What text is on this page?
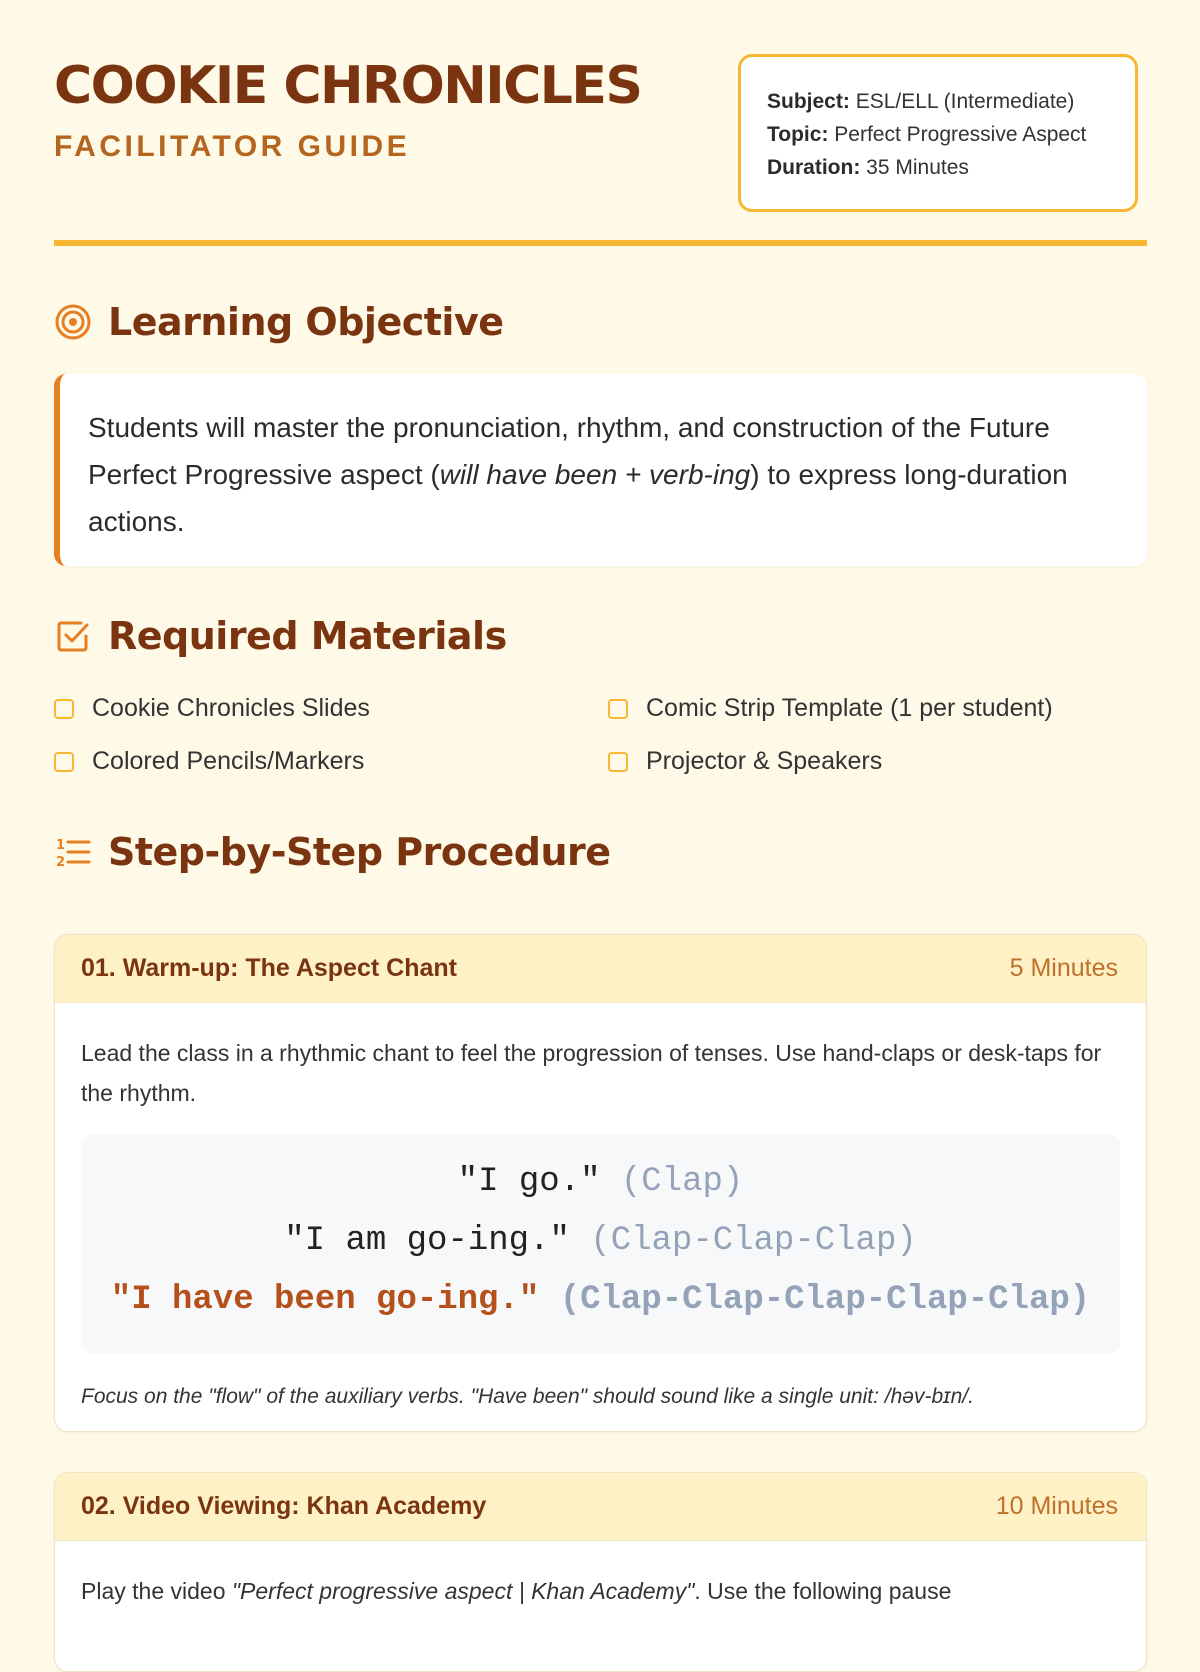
COOKIE CHRONICLES
FACILITATOR GUIDE
Subject: ESL/ELL (Intermediate)
Topic: Perfect Progressive Aspect
Duration: 35 Minutes
Learning Objective
Students will master the pronunciation, rhythm, and construction of the Future Perfect Progressive aspect (will have been + verb-ing) to express long-duration actions.
Required Materials
Cookie Chronicles Slides	Comic Strip Template (1 per student)
Colored Pencils/Markers	Projector & Speakers
1
2 Step-by-Step Procedure
01. Warm-up: The Aspect Chant	5 Minutes

Lead the class in a rhythmic chant to feel the progression of tenses. Use hand-claps or desk-taps for the rhythm.

"I go." (Clap)
"I am go-ing." (Clap-Clap-Clap)
"I have been go-ing." (Clap-Clap-Clap-Clap-Clap)

Focus on the "flow" of the auxiliary verbs. "Have been" should sound like a single unit: /həv-bɪn/.

02. Video Viewing: Khan Academy	10 Minutes

Play the video "Perfect progressive aspect | Khan Academy". Use the following pause
